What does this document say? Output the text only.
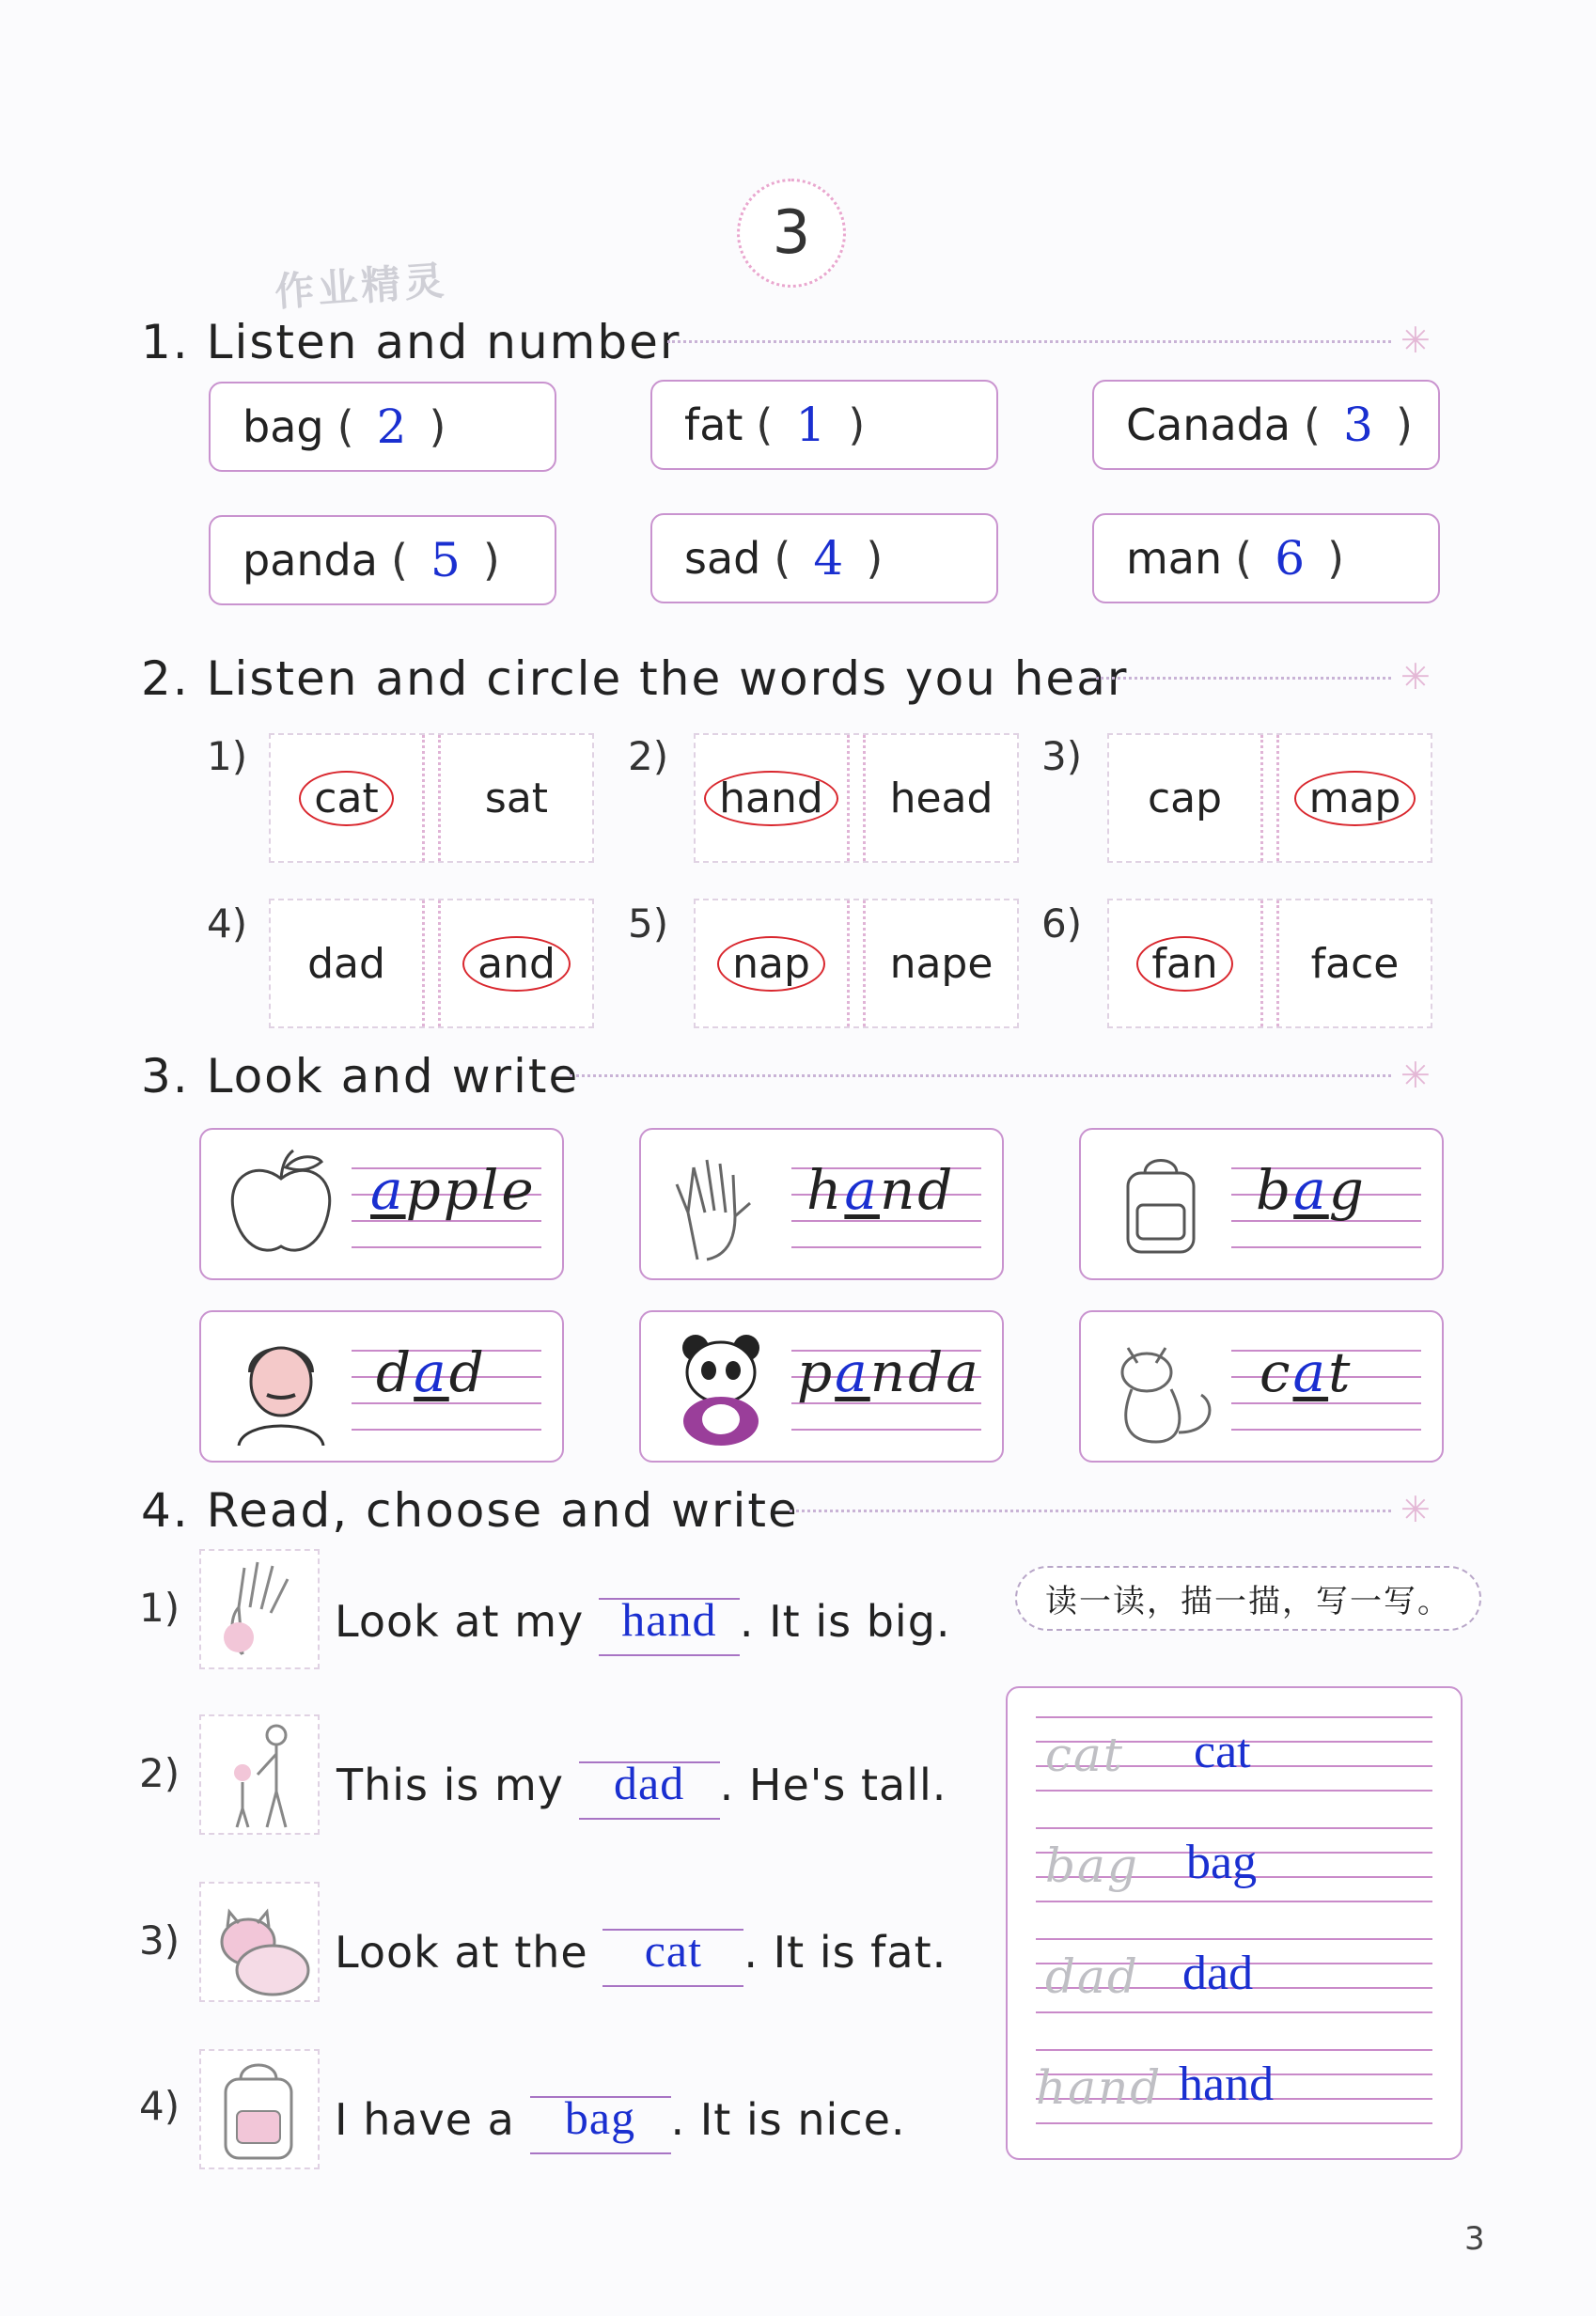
3
作业精灵
1. Listen and number	✳
bag ( 2 )	fat ( 1 )	Canada ( 3 )
panda ( 5 )	sad ( 4 )	man ( 6 )
2. Listen and circle the words you hear	✳
1)
cat	sat
2)
hand	head
3)
cap	map
4)
dad	and
5)
nap	nape
6)
fan	face
3. Look and write	✳
apple	hand	bag
dad	panda	cat
4. Read, choose and write	✳
1)	Look at my hand . It is big.
2)	This is my dad . He's tall.
3)	Look at the cat . It is fat.
4)	I have a bag . It is nice.
读一读，描一描，写一写。
cat cat
bag bag
dad dad
hand hand
3
